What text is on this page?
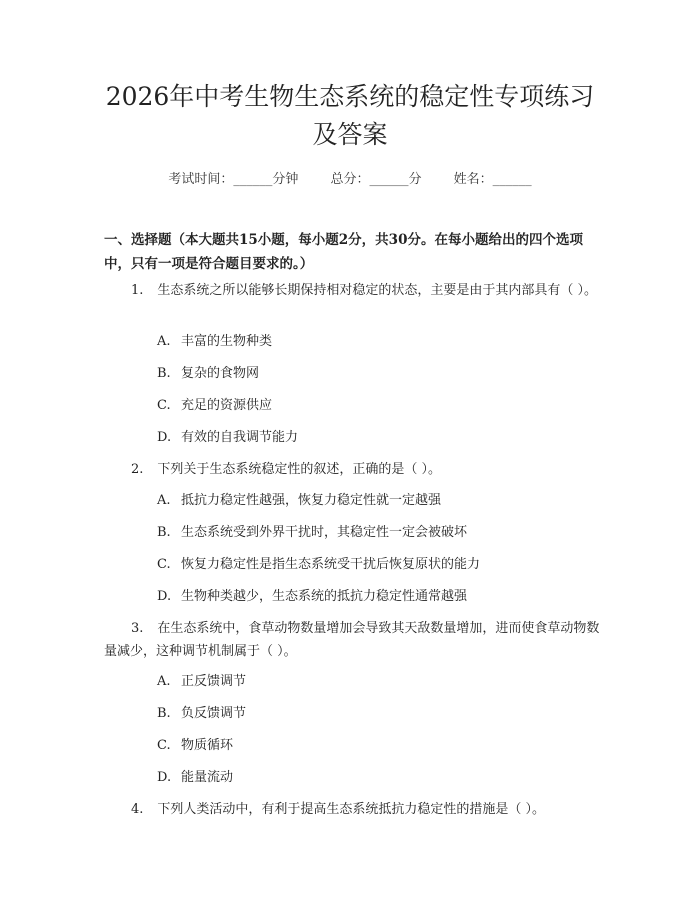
2026年中考生物生态系统的稳定性专项练习
及答案
考试时间：______分钟 总分：______分 姓名：______
一、选择题（本大题共15小题，每小题2分，共30分。在每小题给出的四个选项中，只有一项是符合题目要求的。）
1. 生态系统之所以能够长期保持相对稳定的状态，主要是由于其内部具有（ ）。
A. 丰富的生物种类
B. 复杂的食物网
C. 充足的资源供应
D. 有效的自我调节能力
2. 下列关于生态系统稳定性的叙述，正确的是（ ）。
A. 抵抗力稳定性越强，恢复力稳定性就一定越强
B. 生态系统受到外界干扰时，其稳定性一定会被破坏
C. 恢复力稳定性是指生态系统受干扰后恢复原状的能力
D. 生物种类越少，生态系统的抵抗力稳定性通常越强
3. 在生态系统中，食草动物数量增加会导致其天敌数量增加，进而使食草动物数量减少，这种调节机制属于（ ）。
A. 正反馈调节
B. 负反馈调节
C. 物质循环
D. 能量流动
4. 下列人类活动中，有利于提高生态系统抵抗力稳定性的措施是（ ）。
